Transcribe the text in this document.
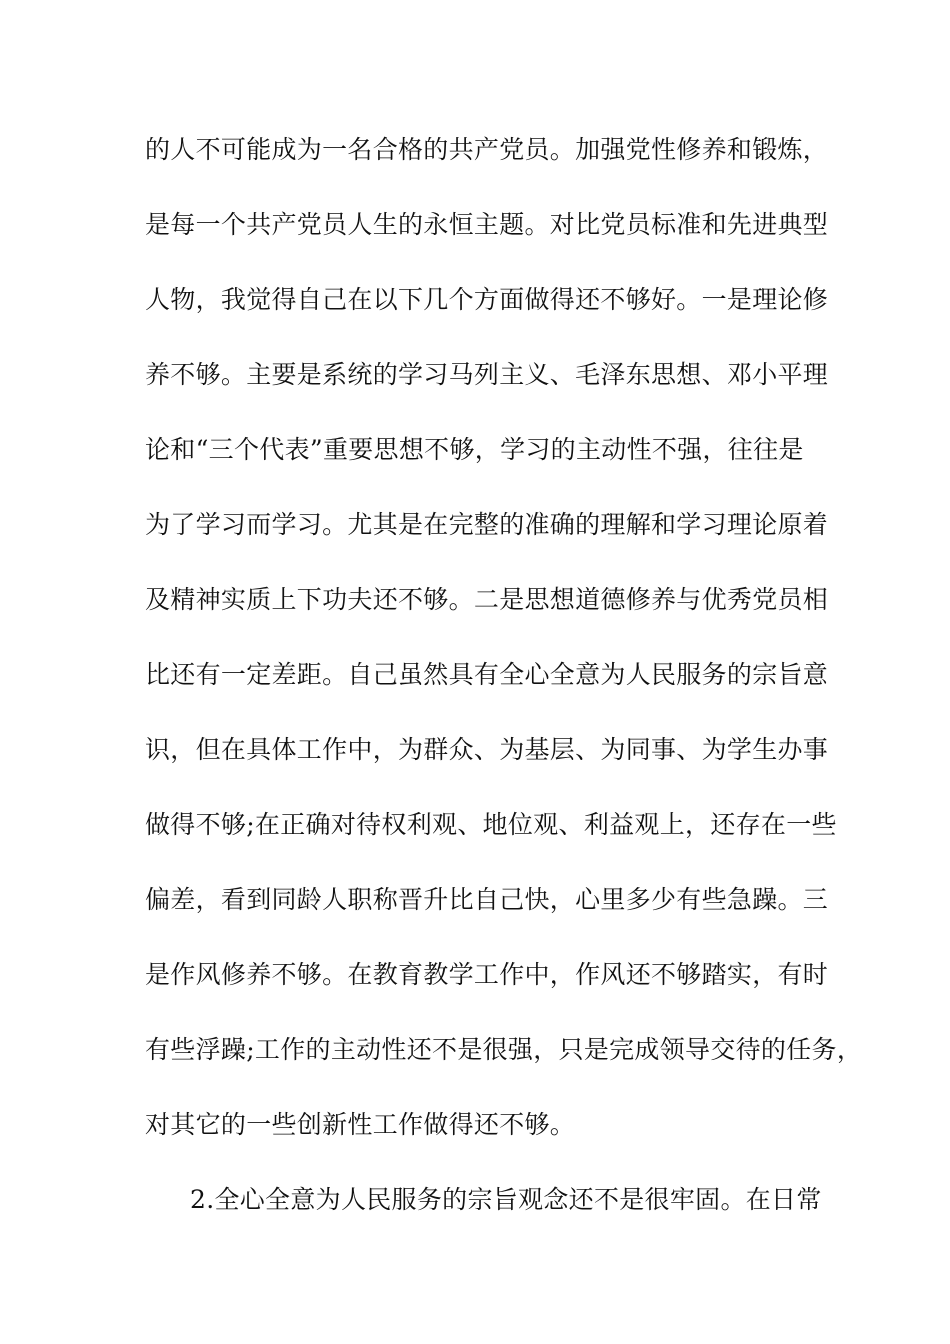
的人不可能成为一名合格的共产党员。加强党性修养和锻炼，
是每一个共产党员人生的永恒主题。对比党员标准和先进典型
人物，我觉得自己在以下几个方面做得还不够好。一是理论修
养不够。主要是系统的学习马列主义、毛泽东思想、邓小平理
论和“三个代表”重要思想不够，学习的主动性不强，往往是
为了学习而学习。尤其是在完整的准确的理解和学习理论原着
及精神实质上下功夫还不够。二是思想道德修养与优秀党员相
比还有一定差距。自己虽然具有全心全意为人民服务的宗旨意
识，但在具体工作中，为群众、为基层、为同事、为学生办事
做得不够;在正确对待权利观、地位观、利益观上，还存在一些
偏差，看到同龄人职称晋升比自己快，心里多少有些急躁。三
是作风修养不够。在教育教学工作中，作风还不够踏实，有时
有些浮躁;工作的主动性还不是很强，只是完成领导交待的任务，
对其它的一些创新性工作做得还不够。
2.全心全意为人民服务的宗旨观念还不是很牢固。在日常
